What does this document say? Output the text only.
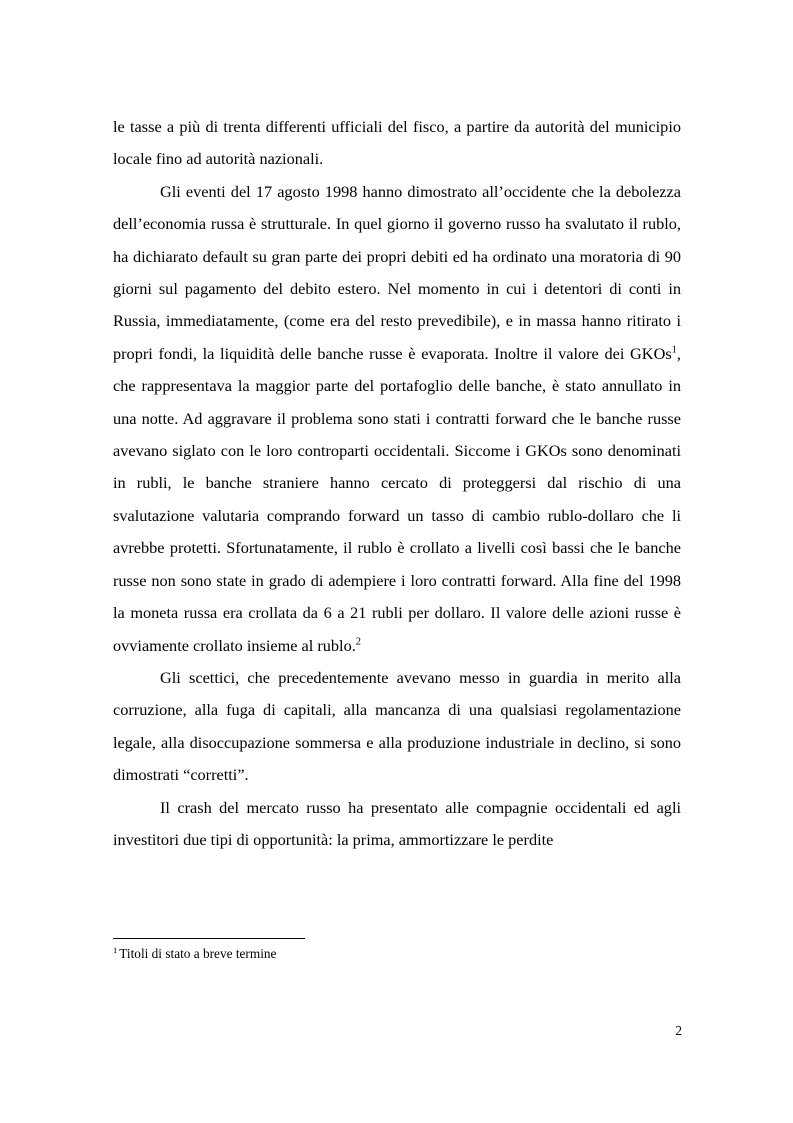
le tasse a più di trenta differenti ufficiali del fisco, a partire da autorità del municipio locale fino ad autorità nazionali.

Gli eventi del 17 agosto 1998 hanno dimostrato all’occidente che la debolezza dell’economia russa è strutturale. In quel giorno il governo russo ha svalutato il rublo, ha dichiarato default su gran parte dei propri debiti ed ha ordinato una moratoria di 90 giorni sul pagamento del debito estero. Nel momento in cui i detentori di conti in Russia, immediatamente, (come era del resto prevedibile), e in massa hanno ritirato i propri fondi, la liquidità delle banche russe è evaporata. Inoltre il valore dei GKOs$^1$, che rappresentava la maggior parte del portafoglio delle banche, è stato annullato in una notte. Ad aggravare il problema sono stati i contratti forward che le banche russe avevano siglato con le loro controparti occidentali. Siccome i GKOs sono denominati in rubli, le banche straniere hanno cercato di proteggersi dal rischio di una svalutazione valutaria comprando forward un tasso di cambio rublo-dollaro che li avrebbe protetti. Sfortunatamente, il rublo è crollato a livelli così bassi che le banche russe non sono state in grado di adempiere i loro contratti forward. Alla fine del 1998 la moneta russa era crollata da 6 a 21 rubli per dollaro. Il valore delle azioni russe è ovviamente crollato insieme al rublo.$^2$

Gli scettici, che precedentemente avevano messo in guardia in merito alla corruzione, alla fuga di capitali, alla mancanza di una qualsiasi regolamentazione legale, alla disoccupazione sommersa e alla produzione industriale in declino, si sono dimostrati “corretti”.

Il crash del mercato russo ha presentato alle compagnie occidentali ed agli investitori due tipi di opportunità: la prima, ammortizzare le perdite

$^1$ Titoli di stato a breve termine
2
